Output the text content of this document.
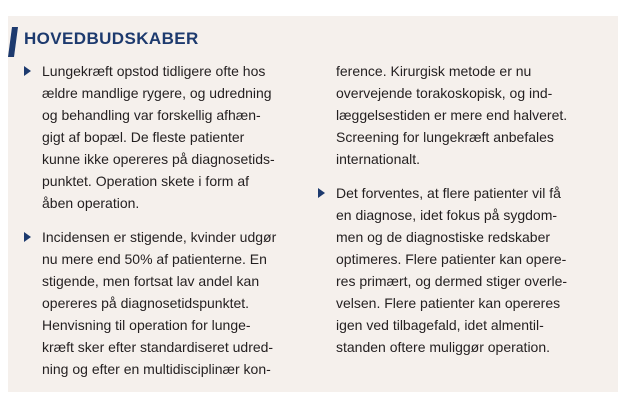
HOVEDBUDSKABER
Lungekræft opstod tidligere ofte hos
ældre mandlige rygere, og udredning
og behandling var forskellig afhæn-
gigt af bopæl. De fleste patienter
kunne ikke opereres på diagnosetids-
punktet. Operation skete i form af
åben operation.
Incidensen er stigende, kvinder udgør
nu mere end 50% af patienterne. En
stigende, men fortsat lav andel kan
opereres på diagnosetidspunktet.
Henvisning til operation for lunge-
kræft sker efter standardiseret udred-
ning og efter en multidisciplinær kon-
ference. Kirurgisk metode er nu
overvejende torakoskopisk, og ind-
læggelsestiden er mere end halveret.
Screening for lungekræft anbefales
internationalt.
Det forventes, at flere patienter vil få
en diagnose, idet fokus på sygdom-
men og de diagnostiske redskaber
optimeres. Flere patienter kan opere-
res primært, og dermed stiger overle-
velsen. Flere patienter kan opereres
igen ved tilbagefald, idet almentil-
standen oftere muliggør operation.
